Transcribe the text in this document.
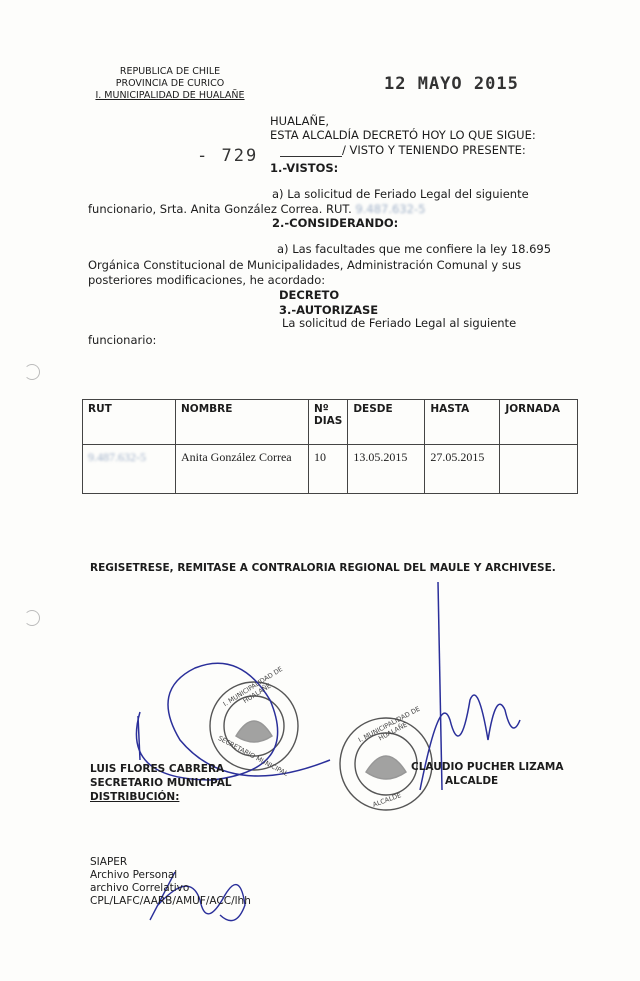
REPUBLICA DE CHILE
PROVINCIA DE CURICO
I. MUNICIPALIDAD DE HUALAÑE
12 MAYO 2015
HUALAÑE,
ESTA ALCALDÍA DECRETÓ HOY LO QUE SIGUE:
- 729	/ VISTO Y TENIENDO PRESENTE:
1.-VISTOS:
a) La solicitud de Feriado Legal del siguiente
funcionario, Srta. Anita González Correa. RUT. 9.487.632-5
2.-CONSIDERANDO:
a) Las facultades que me confiere la ley 18.695
Orgánica Constitucional de Municipalidades, Administración Comunal y sus
posteriores modificaciones, he acordado:
DECRETO
3.-AUTORIZASE
La solicitud de Feriado Legal al siguiente
funcionario:
RUT	NOMBRE	Nº DIAS	DESDE	HASTA	JORNADA
9.487.632-5	Anita González Correa	10	13.05.2015	27.05.2015	
REGISETRESE, REMITASE A CONTRALORIA REGIONAL DEL MAULE Y ARCHIVESE.
I. MUNICIPALIDAD DE HUALAÑE
SECRETARIO MUNICIPAL
I. MUNICIPALIDAD DE HUALAÑE
ALCALDE
LUIS FLORES CABRERA
SECRETARIO MUNICIPAL
DISTRIBUCIÓN:
CLAUDIO PUCHER LIZAMA
ALCALDE
SIAPER
Archivo Personal
archivo Correlativo
CPL/LAFC/AARB/AMUF/ACC/lhh
